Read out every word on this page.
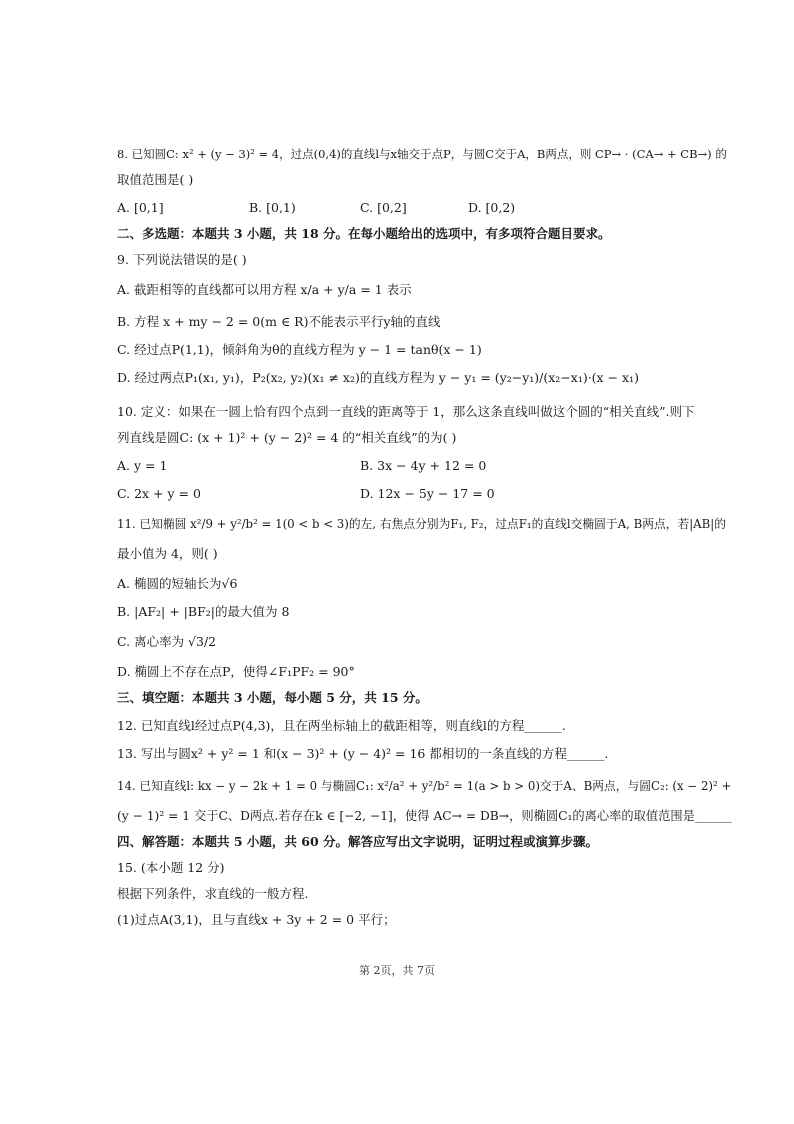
8. 已知圆C: x² + (y − 3)² = 4，过点(0,4)的直线l与x轴交于点P，与圆C交于A，B两点，则 CP→ · (CA→ + CB→) 的
取值范围是( )
A. [0,1]	B. [0,1)	C. [0,2]	D. [0,2)
二、多选题：本题共 3 小题，共 18 分。在每小题给出的选项中，有多项符合题目要求。
9. 下列说法错误的是( )
A. 截距相等的直线都可以用方程 x/a + y/a = 1 表示
B. 方程 x + my − 2 = 0(m ∈ R)不能表示平行y轴的直线
C. 经过点P(1,1)，倾斜角为θ的直线方程为 y − 1 = tanθ(x − 1)
D. 经过两点P₁(x₁, y₁)，P₂(x₂, y₂)(x₁ ≠ x₂)的直线方程为 y − y₁ = (y₂−y₁)/(x₂−x₁)·(x − x₁)
10. 定义：如果在一圆上恰有四个点到一直线的距离等于 1，那么这条直线叫做这个圆的“相关直线”.则下
列直线是圆C: (x + 1)² + (y − 2)² = 4 的“相关直线”的为( )
A. y = 1	B. 3x − 4y + 12 = 0
C. 2x + y = 0	D. 12x − 5y − 17 = 0
11. 已知椭圆 x²/9 + y²/b² = 1(0 < b < 3)的左, 右焦点分别为F₁, F₂，过点F₁的直线l交椭圆于A, B两点，若|AB|的
最小值为 4，则( )
A. 椭圆的短轴长为√6
B. |AF₂| + |BF₂|的最大值为 8
C. 离心率为 √3/2
D. 椭圆上不存在点P，使得∠F₁PF₂ = 90°
三、填空题：本题共 3 小题，每小题 5 分，共 15 分。
12. 已知直线l经过点P(4,3)，且在两坐标轴上的截距相等，则直线l的方程______.
13. 写出与圆x² + y² = 1 和(x − 3)² + (y − 4)² = 16 都相切的一条直线的方程______.
14. 已知直线l: kx − y − 2k + 1 = 0 与椭圆C₁: x²/a² + y²/b² = 1(a > b > 0)交于A、B两点，与圆C₂: (x − 2)² +
(y − 1)² = 1 交于C、D两点.若存在k ∈ [−2, −1]，使得 AC→ = DB→，则椭圆C₁的离心率的取值范围是______
四、解答题：本题共 5 小题，共 60 分。解答应写出文字说明，证明过程或演算步骤。
15. (本小题 12 分)
根据下列条件，求直线的一般方程.
(1)过点A(3,1)，且与直线x + 3y + 2 = 0 平行；
第 2页，共 7页
